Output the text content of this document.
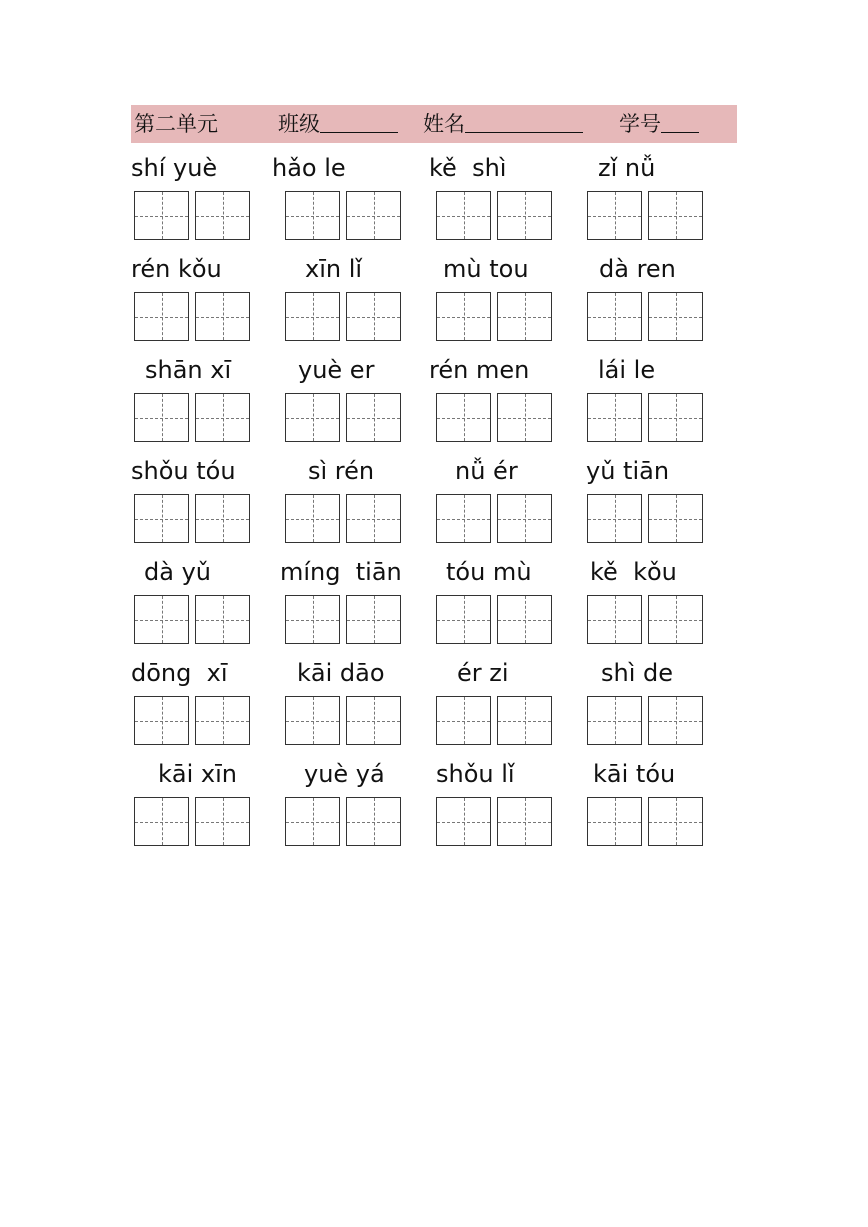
第二单元	班级	姓名	学号
shí yuè	hǎo le	kě  shì	zǐ nǚ
rén kǒu	xīn lǐ	mù tou	dà ren
shān xī	yuè er	rén men	lái le
shǒu tóu	sì rén	nǚ ér	yǔ tiān
dà yǔ	míng  tiān	tóu mù	kě  kǒu
dōng  xī	kāi dāo	ér zi	shì de
kāi xīn	yuè yá	shǒu lǐ	kāi tóu
